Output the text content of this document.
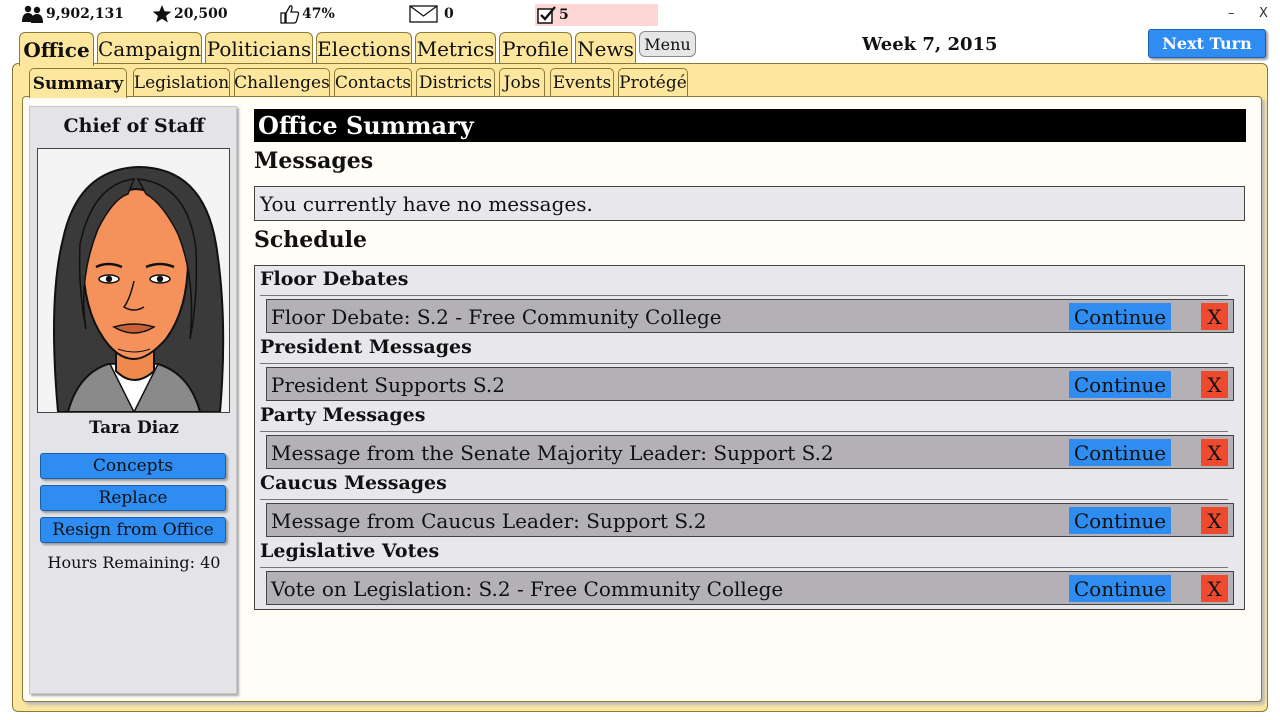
9,902,131	20,500	47%	0	5	– X
Office Campaign Politicians Elections Metrics Profile News Menu	Week 7, 2015	Next Turn
Summary Legislation Challenges Contacts Districts Jobs Events Protégé
Chief of Staff
Tara Diaz
Concepts
Replace
Resign from Office
Hours Remaining: 40
Office Summary
Messages
You currently have no messages.
Schedule
Floor Debates
Floor Debate: S.2 - Free Community College	Continue	X
President Messages
President Supports S.2	Continue	X
Party Messages
Message from the Senate Majority Leader: Support S.2	Continue	X
Caucus Messages
Message from Caucus Leader: Support S.2	Continue	X
Legislative Votes
Vote on Legislation: S.2 - Free Community College	Continue	X
